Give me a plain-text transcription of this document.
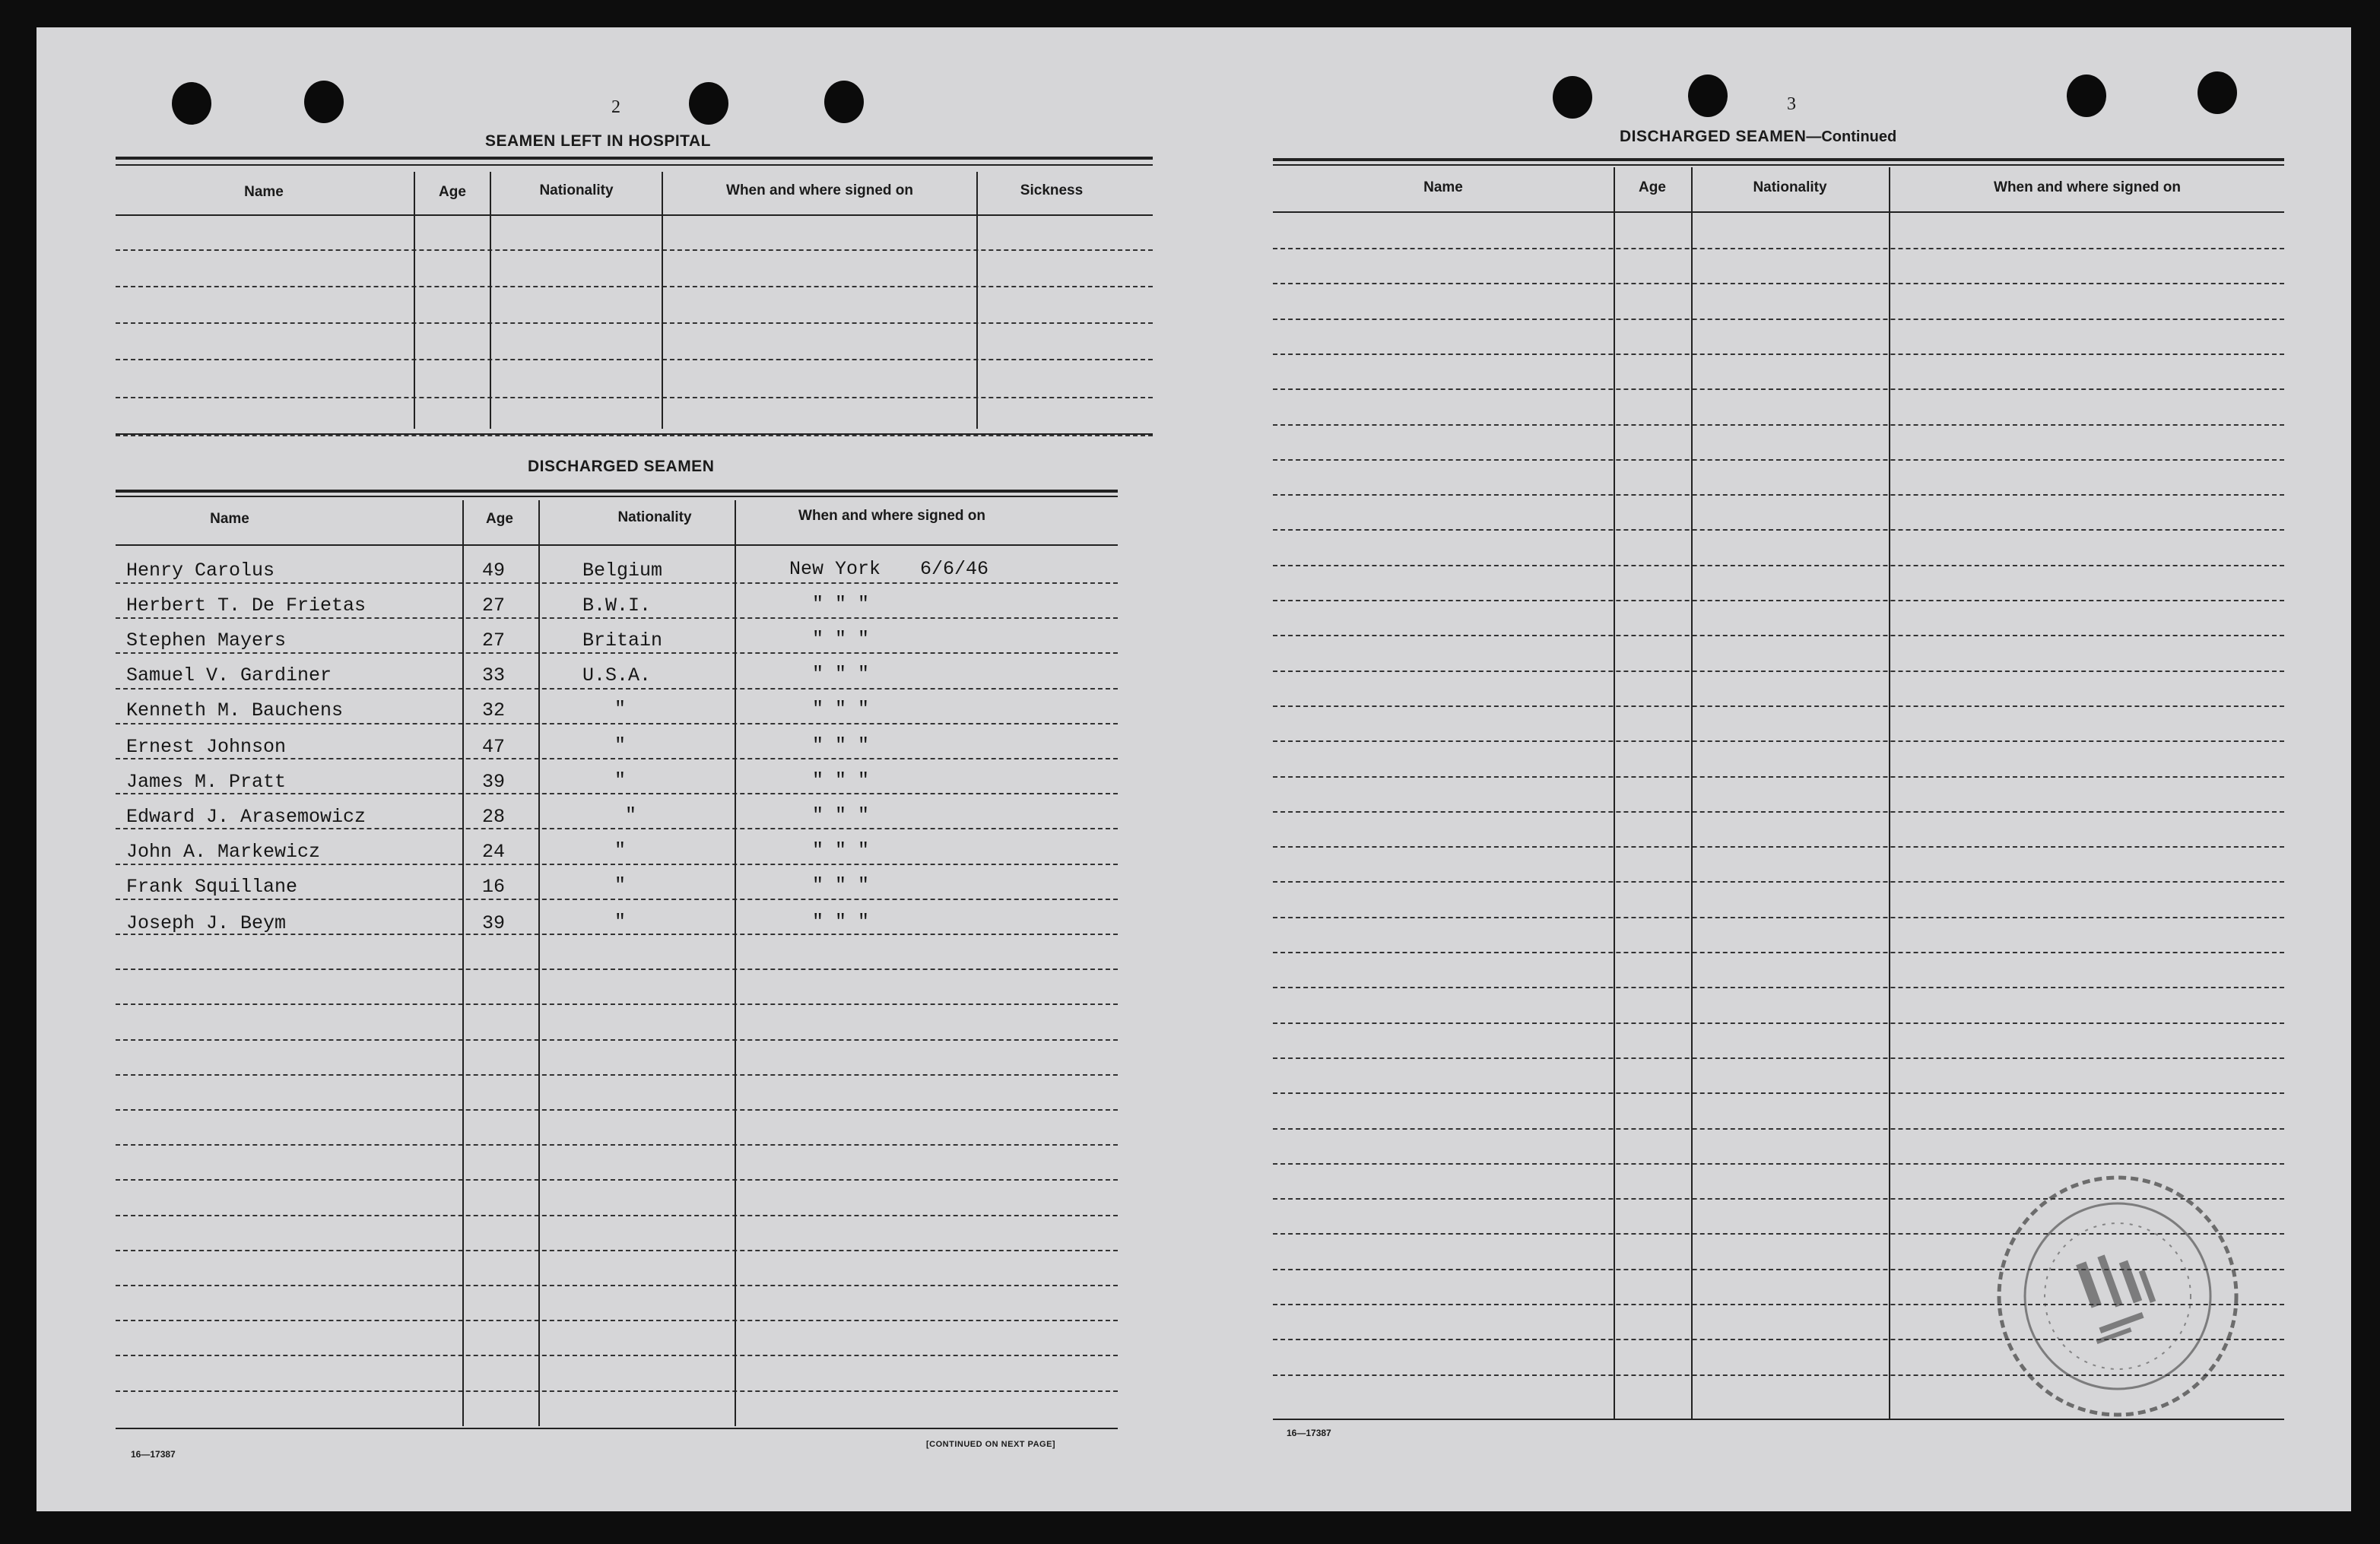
2
SEAMEN LEFT IN HOSPITAL
Name	Age	Nationality	When and where signed on	Sickness
DISCHARGED SEAMEN
Name	Age	Nationality	When and where signed on
Henry Carolus	49	Belgium	New York 6/6/46
Herbert T. De Frietas	27	B.W.I.	" " "
Stephen Mayers	27	Britain	" " "
Samuel V. Gardiner	33	U.S.A.	" " "
Kenneth M. Bauchens	32	"	" " "
Ernest Johnson	47	"	" " "
James M. Pratt	39	"	" " "
Edward J. Arasemowicz	28	"	" " "
John A. Markewicz	24	"	" " "
Frank Squillane	16	"	" " "
Joseph J. Beym	39	"	" " "
16—17387
[CONTINUED ON NEXT PAGE]
3
DISCHARGED SEAMEN—Continued
Name	Age	Nationality	When and where signed on
16—17387
